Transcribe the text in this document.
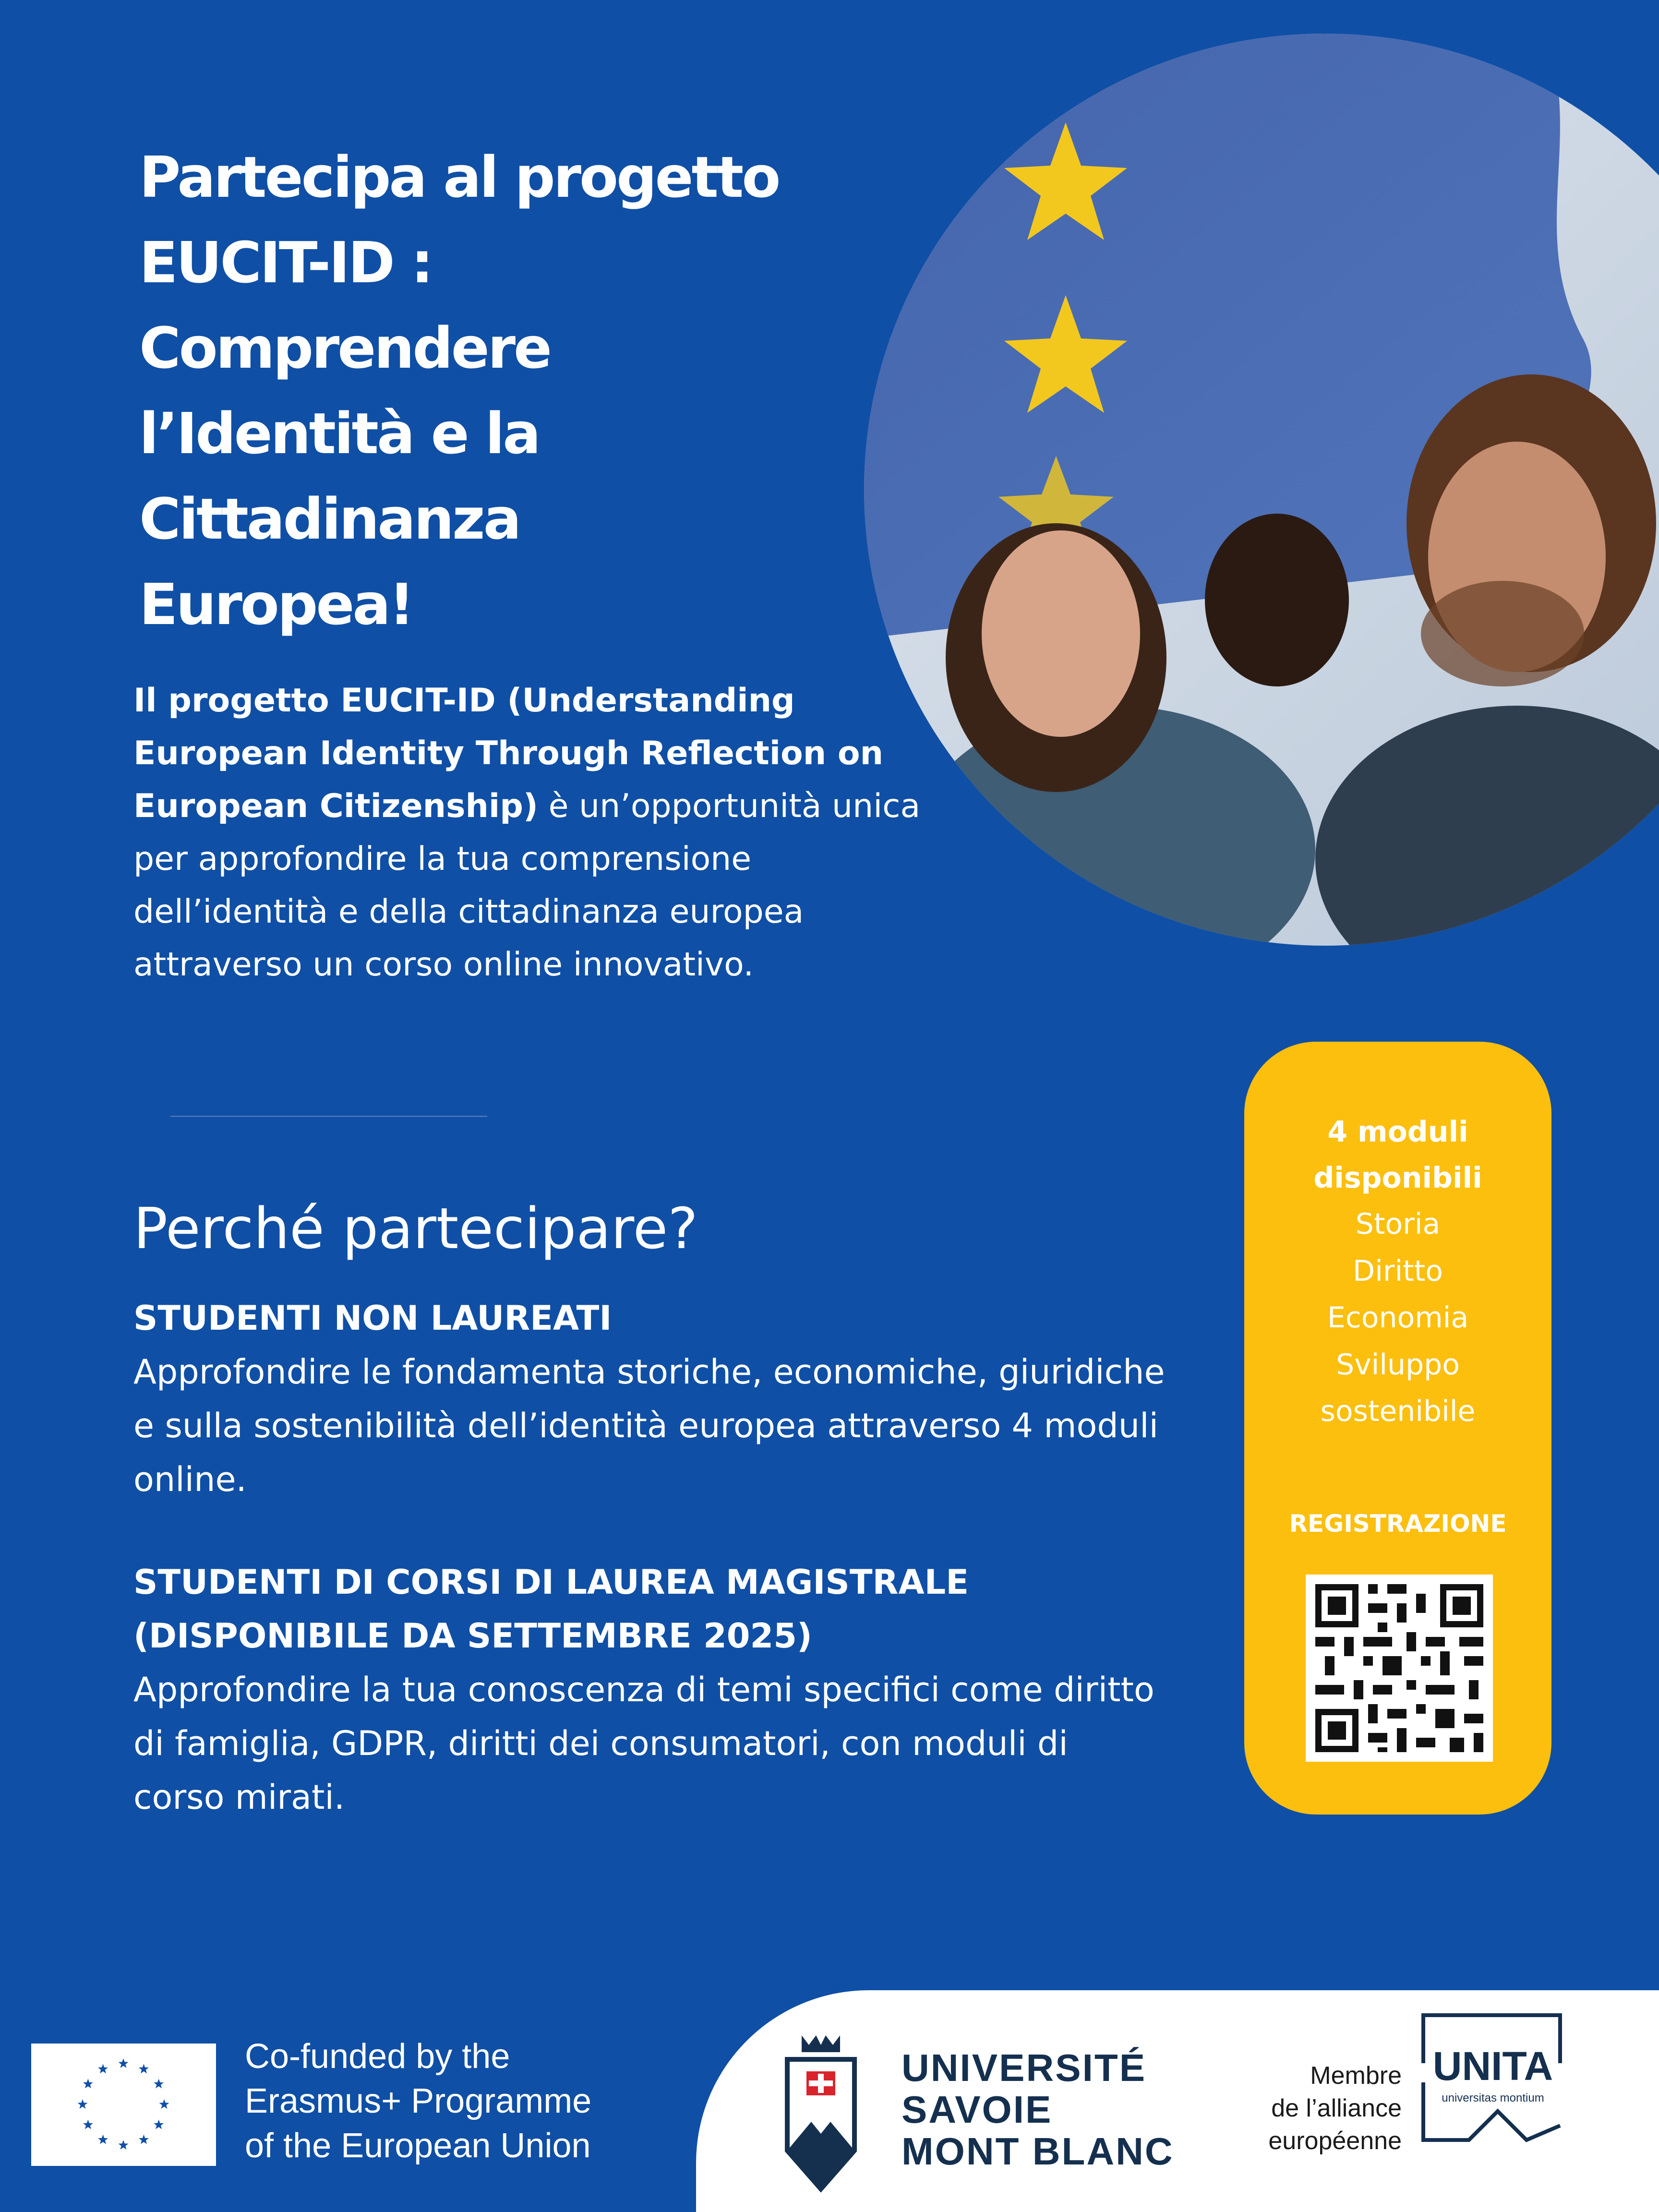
Partecipa al progetto
EUCIT-ID :
Comprendere
l’Identità e la
Cittadinanza
Europea!

Il progetto EUCIT-ID (Understanding European Identity Through Reflection on European Citizenship) è un’opportunità unica per approfondire la tua comprensione dell’identità e della cittadinanza europea attraverso un corso online innovativo.

Perché partecipare?
STUDENTI NON LAUREATI
Approfondire le fondamenta storiche, economiche, giuridiche e sulla sostenibilità dell’identità europea attraverso 4 moduli online.
STUDENTI DI CORSI DI LAUREA MAGISTRALE (DISPONIBILE DA SETTEMBRE 2025)
Approfondire la tua conoscenza di temi specifici come diritto di famiglia, GDPR, diritti dei consumatori, con moduli di corso mirati.
4 moduli disponibili
Storia
Diritto
Economia
Sviluppo
sostenibile
REGISTRAZIONE
Co-funded by the
Erasmus+ Programme
of the European Union
UNIVERSITÉ
SAVOIE
MONT BLANC
Membre
de l’alliance
européenne
UNITA
universitas montium
